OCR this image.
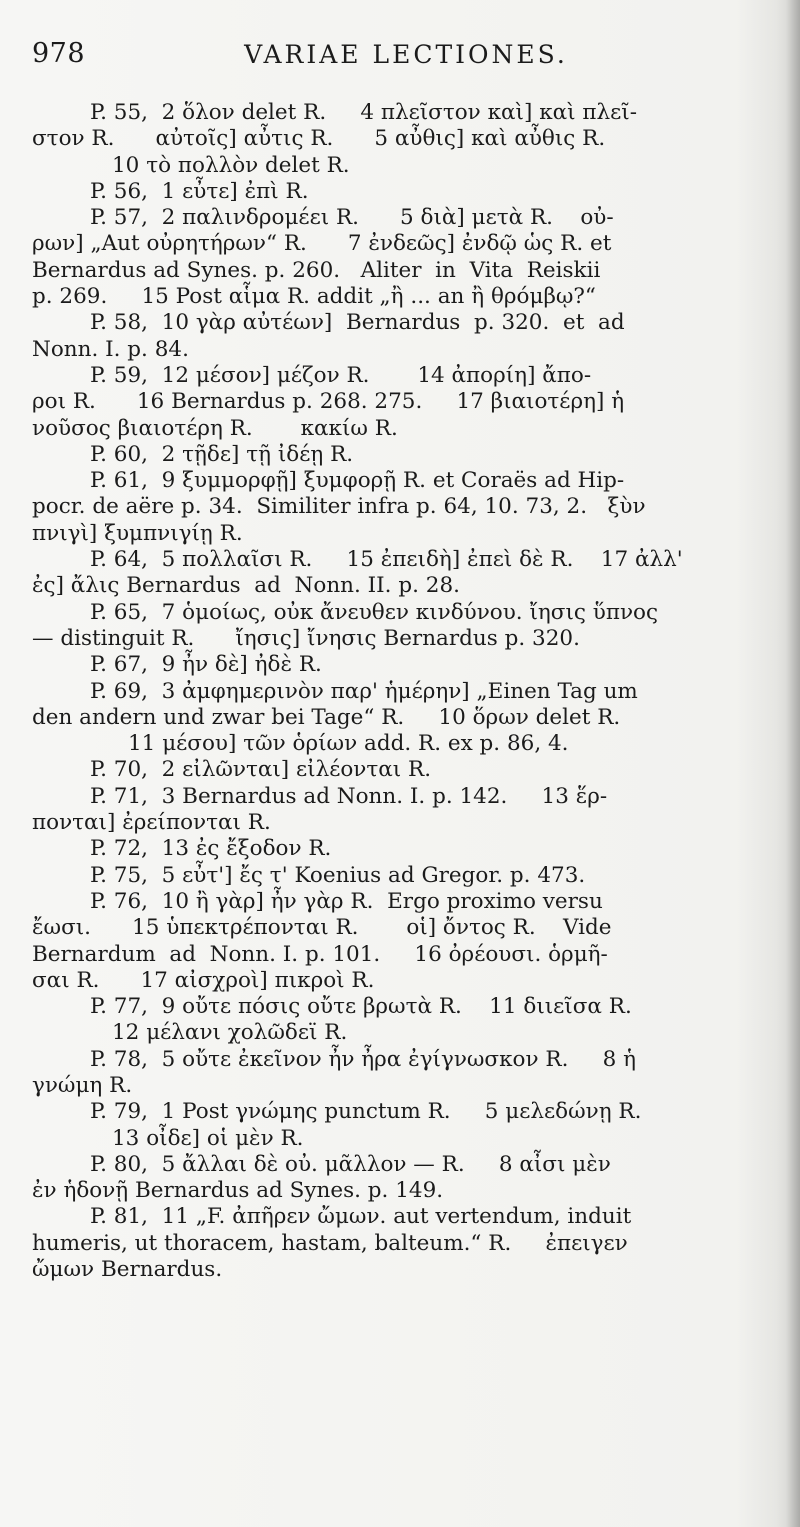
978	VARIAE LECTIONES.
P. 55,  2 ὅλον delet R.     4 πλεῖστον καὶ] καὶ πλεῖ-
στον R.      αὐτοῖς] αὖτις R.      5 αὖθις] καὶ αὖθις R.
10 τὸ πολλὸν delet R.
P. 56,  1 εὖτε] ἐπὶ R.
P. 57,  2 παλινδρομέει R.      5 διὰ] μετὰ R.    οὐ-
ρων] „Aut οὐρητήρων“ R.      7 ἐνδεῶς] ἐνδῷ ὡς R. et
Bernardus ad Synes. p. 260.   Aliter  in  Vita  Reiskii
p. 269.     15 Post αἷμα R. addit „ἢ ... an ἢ θρόμβῳ?“
P. 58,  10 γὰρ αὐτέων]  Bernardus  p. 320.  et  ad
Nonn. I. p. 84.
P. 59,  12 μέσον] μέζον R.       14 ἀπορίη] ἄπο-
ροι R.      16 Bernardus p. 268. 275.     17 βιαιοτέρη] ἡ
νοῦσος βιαιοτέρη R.       κακίω R.
P. 60,  2 τῇδε] τῇ ἰδέῃ R.
P. 61,  9 ξυμμορφῇ] ξυμφορῇ R. et Coraës ad Hip-
pocr. de aëre p. 34.  Similiter infra p. 64, 10. 73, 2.   ξὺν
πνιγὶ] ξυμπνιγίῃ R.
P. 64,  5 πολλαῖσι R.     15 ἐπειδὴ] ἐπεὶ δὲ R.    17 ἀλλ'
ἐς] ἄλις Bernardus  ad  Nonn. II. p. 28.
P. 65,  7 ὁμοίως, οὐκ ἄνευθεν κινδύνου. ἴησις ὕπνος
— distinguit R.      ἴησις] ἴνησις Bernardus p. 320.
P. 67,  9 ἦν δὲ] ἠδὲ R.
P. 69,  3 ἀμφημερινὸν παρ' ἡμέρην] „Einen Tag um
den andern und zwar bei Tage“ R.     10 ὅρων delet R.
11 μέσου] τῶν ὁρίων add. R. ex p. 86, 4.
P. 70,  2 εἰλῶνται] εἰλέονται R.
P. 71,  3 Bernardus ad Nonn. I. p. 142.     13 ἕρ-
πονται] ἐρείπονται R.
P. 72,  13 ἐς ἔξοδον R.
P. 75,  5 εὖτ'] ἔς τ' Koenius ad Gregor. p. 473.
P. 76,  10 ἢ γὰρ] ἦν γὰρ R.  Ergo proximo versu
ἔωσι.      15 ὑπεκτρέπονται R.       οἱ] ὄντος R.    Vide
Bernardum  ad  Nonn. I. p. 101.     16 ὀρέουσι. ὁρμῆ-
σαι R.      17 αἰσχροὶ] πικροὶ R.
P. 77,  9 οὔτε πόσις οὔτε βρωτὰ R.    11 διιεῖσα R.
12 μέλανι χολῶδεϊ R.
P. 78,  5 οὔτε ἐκεῖνον ἦν ἦρα ἐγίγνωσκον R.     8 ἡ
γνώμη R.
P. 79,  1 Post γνώμης punctum R.     5 μελεδώνῃ R.
13 οἶδε] οἱ μὲν R.
P. 80,  5 ἄλλαι δὲ οὐ. μᾶλλον — R.     8 αἶσι μὲν
ἐν ἡδονῇ Bernardus ad Synes. p. 149.
P. 81,  11 „F. ἀπῆρεν ὤμων. aut vertendum, induit
humeris, ut thoracem, hastam, balteum.“ R.     ἐπειγεν
ὤμων Bernardus.
